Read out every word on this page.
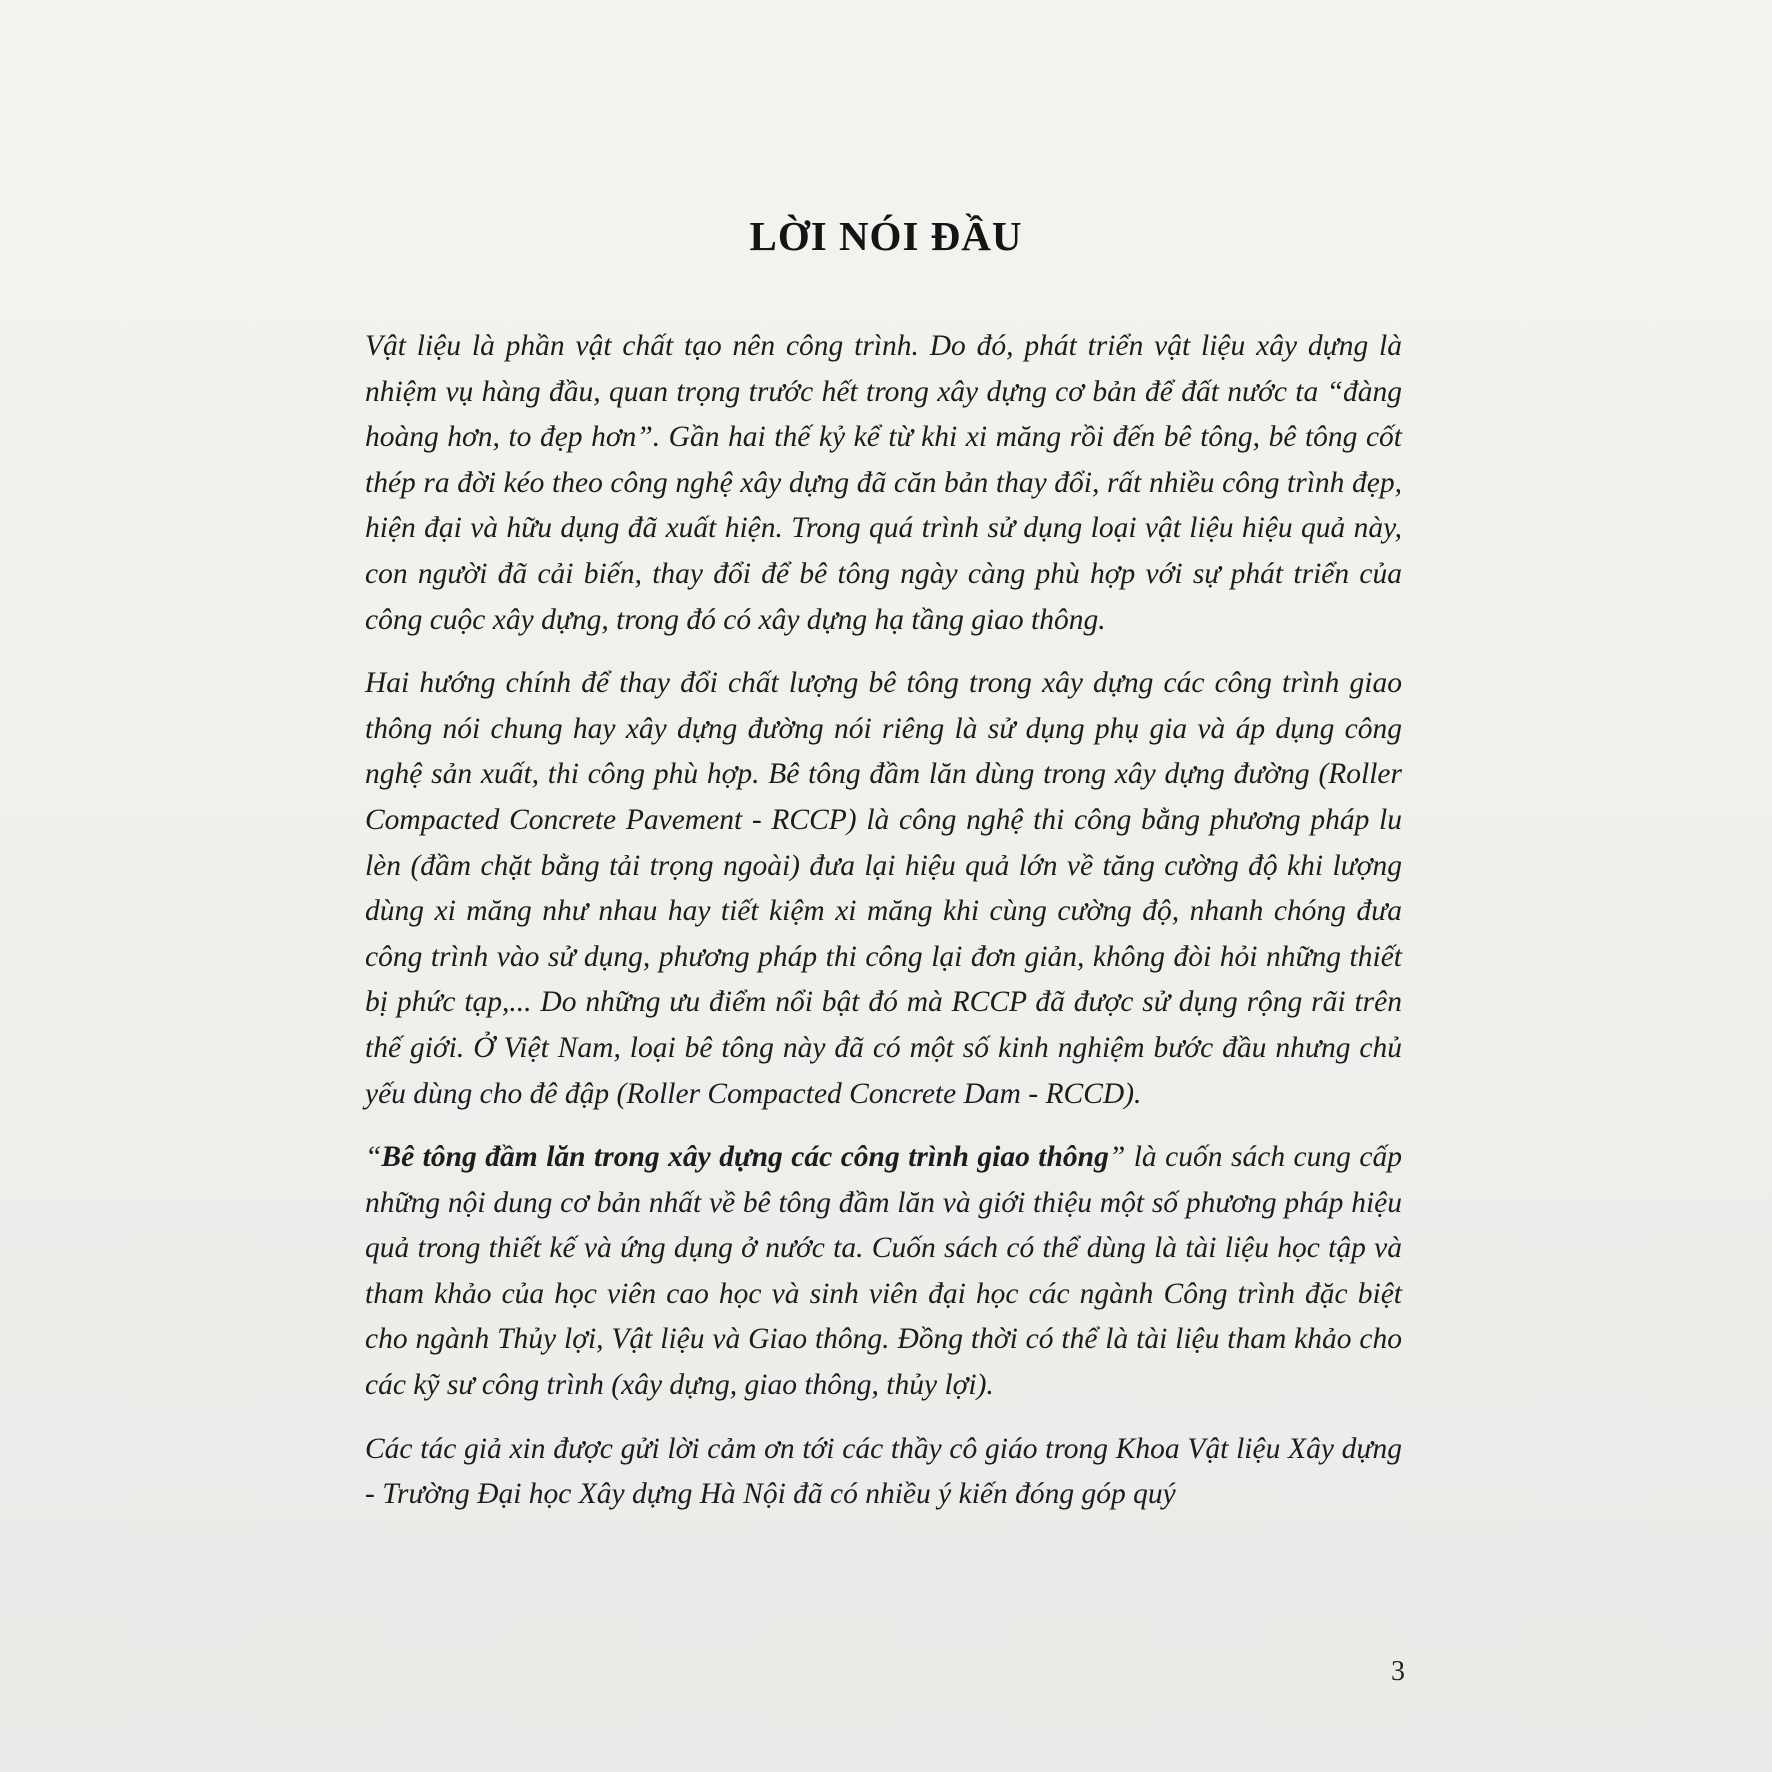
LỜI NÓI ĐẦU

Vật liệu là phần vật chất tạo nên công trình. Do đó, phát triển vật liệu xây dựng là nhiệm vụ hàng đầu, quan trọng trước hết trong xây dựng cơ bản để đất nước ta “đàng hoàng hơn, to đẹp hơn”. Gần hai thế kỷ kể từ khi xi măng rồi đến bê tông, bê tông cốt thép ra đời kéo theo công nghệ xây dựng đã căn bản thay đổi, rất nhiều công trình đẹp, hiện đại và hữu dụng đã xuất hiện. Trong quá trình sử dụng loại vật liệu hiệu quả này, con người đã cải biến, thay đổi để bê tông ngày càng phù hợp với sự phát triển của công cuộc xây dựng, trong đó có xây dựng hạ tầng giao thông.

Hai hướng chính để thay đổi chất lượng bê tông trong xây dựng các công trình giao thông nói chung hay xây dựng đường nói riêng là sử dụng phụ gia và áp dụng công nghệ sản xuất, thi công phù hợp. Bê tông đầm lăn dùng trong xây dựng đường (Roller Compacted Concrete Pavement - RCCP) là công nghệ thi công bằng phương pháp lu lèn (đầm chặt bằng tải trọng ngoài) đưa lại hiệu quả lớn về tăng cường độ khi lượng dùng xi măng như nhau hay tiết kiệm xi măng khi cùng cường độ, nhanh chóng đưa công trình vào sử dụng, phương pháp thi công lại đơn giản, không đòi hỏi những thiết bị phức tạp,... Do những ưu điểm nổi bật đó mà RCCP đã được sử dụng rộng rãi trên thế giới. Ở Việt Nam, loại bê tông này đã có một số kinh nghiệm bước đầu nhưng chủ yếu dùng cho đê đập (Roller Compacted Concrete Dam - RCCD).

“Bê tông đầm lăn trong xây dựng các công trình giao thông” là cuốn sách cung cấp những nội dung cơ bản nhất về bê tông đầm lăn và giới thiệu một số phương pháp hiệu quả trong thiết kế và ứng dụng ở nước ta. Cuốn sách có thể dùng là tài liệu học tập và tham khảo của học viên cao học và sinh viên đại học các ngành Công trình đặc biệt cho ngành Thủy lợi, Vật liệu và Giao thông. Đồng thời có thể là tài liệu tham khảo cho các kỹ sư công trình (xây dựng, giao thông, thủy lợi).

Các tác giả xin được gửi lời cảm ơn tới các thầy cô giáo trong Khoa Vật liệu Xây dựng - Trường Đại học Xây dựng Hà Nội đã có nhiều ý kiến đóng góp quý

3
